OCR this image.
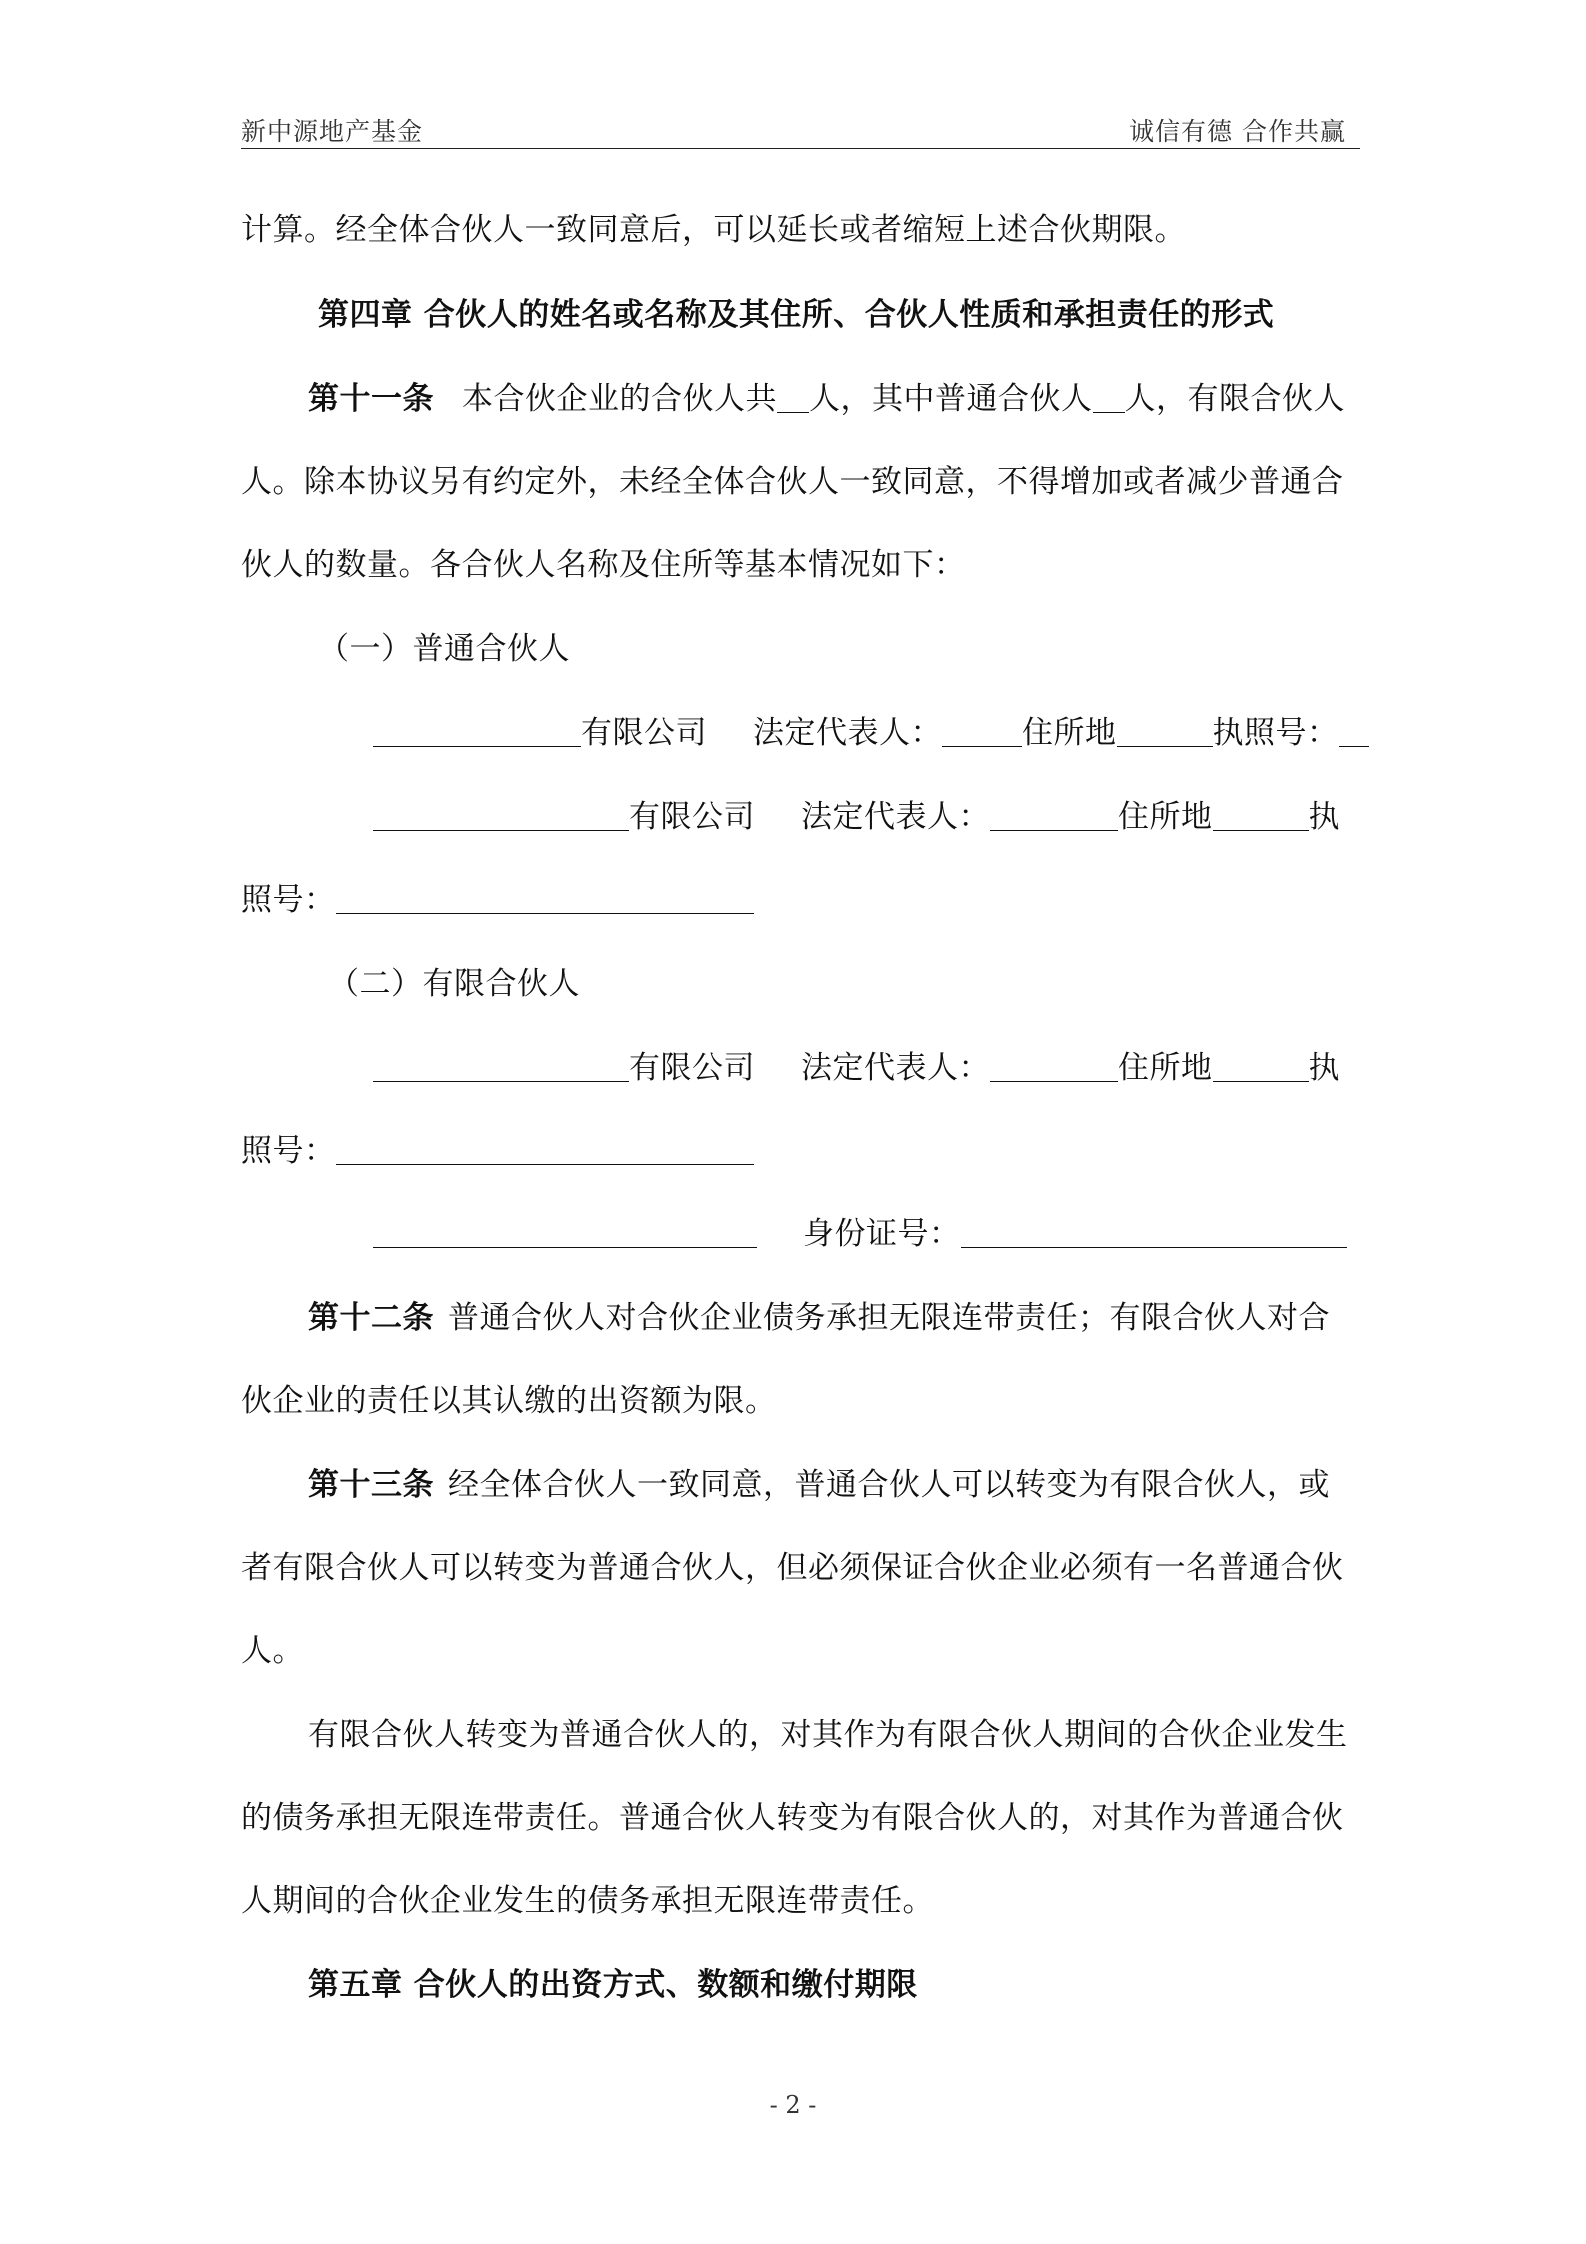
新中源地产基金	诚信有德 合作共赢
计算。经全体合伙人一致同意后，可以延长或者缩短上述合伙期限。
第四章 合伙人的姓名或名称及其住所、合伙人性质和承担责任的形式
第十一条 本合伙企业的合伙人共 人，其中普通合伙人 人，有限合伙人
人。除本协议另有约定外，未经全体合伙人一致同意，不得增加或者减少普通合
伙人的数量。各合伙人名称及住所等基本情况如下：
（一）普通合伙人
有限公司 法定代表人：	住所地	执照号：
有限公司 法定代表人：	住所地	执
照号：
（二）有限合伙人
有限公司 法定代表人：	住所地	执
照号：
身份证号：
第十二条 普通合伙人对合伙企业债务承担无限连带责任；有限合伙人对合
伙企业的责任以其认缴的出资额为限。
第十三条 经全体合伙人一致同意，普通合伙人可以转变为有限合伙人，或
者有限合伙人可以转变为普通合伙人，但必须保证合伙企业必须有一名普通合伙
人。
有限合伙人转变为普通合伙人的，对其作为有限合伙人期间的合伙企业发生
的债务承担无限连带责任。普通合伙人转变为有限合伙人的，对其作为普通合伙
人期间的合伙企业发生的债务承担无限连带责任。
第五章 合伙人的出资方式、数额和缴付期限
- 2 -
